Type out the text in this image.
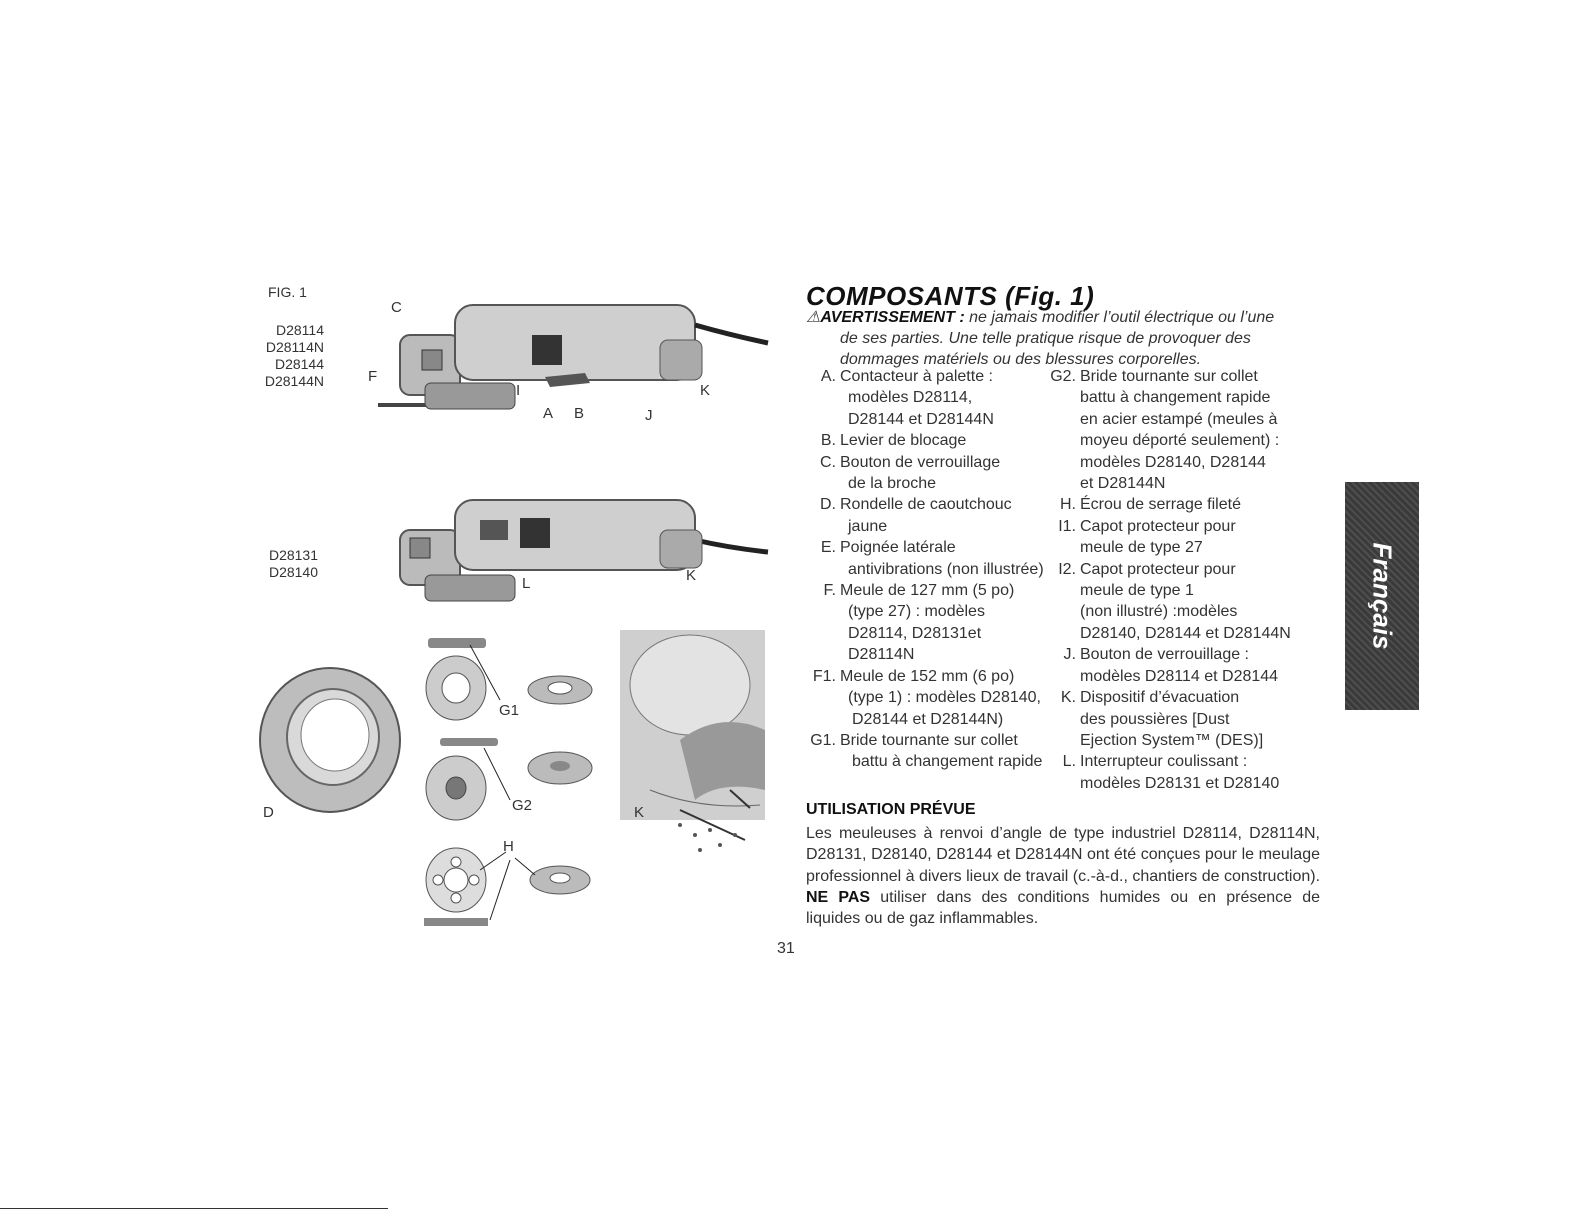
FIG. 1
D28114
D28114N
D28144
D28144N
D28131
D28140
C
F
I
A B	J
K
L	K
G1
G2
H
D	K
COMPOSANTS (Fig. 1)
⚠AVERTISSEMENT : ne jamais modifier l’outil électrique ou l’une
de ses parties. Une telle pratique risque de provoquer des
dommages matériels ou des blessures corporelles.
A. Contacteur à palette :
modèles D28114,
D28144 et D28144N
B. Levier de blocage
C. Bouton de verrouillage
de la broche
D. Rondelle de caoutchouc
jaune
E. Poignée latérale
antivibrations (non illustrée)
F. Meule de 127 mm (5 po)
(type 27) : modèles
D28114, D28131et
D28114N
F1. Meule de 152 mm (6 po)
(type 1) : modèles D28140,
D28144 et D28144N)
G1. Bride tournante sur collet
battu à changement rapide
G2. Bride tournante sur collet
battu à changement rapide
en acier estampé (meules à
moyeu déporté seulement) :
modèles D28140, D28144
et D28144N
H. Écrou de serrage fileté
I1. Capot protecteur pour
meule de type 27
I2. Capot protecteur pour
meule de type 1
(non illustré) :modèles
D28140, D28144 et D28144N
J. Bouton de verrouillage :
modèles D28114 et D28144
K. Dispositif d’évacuation
des poussières [Dust
Ejection System™ (DES)]
L. Interrupteur coulissant :
modèles D28131 et D28140
UTILISATION PRÉVUE
Les meuleuses à renvoi d’angle de type industriel D28114, D28114N, D28131, D28140, D28144 et D28144N ont été conçues pour le meulage professionnel à divers lieux de travail (c.-à-d., chantiers de construction). NE PAS utiliser dans des conditions humides ou en présence de liquides ou de gaz inflammables.
31
Français
